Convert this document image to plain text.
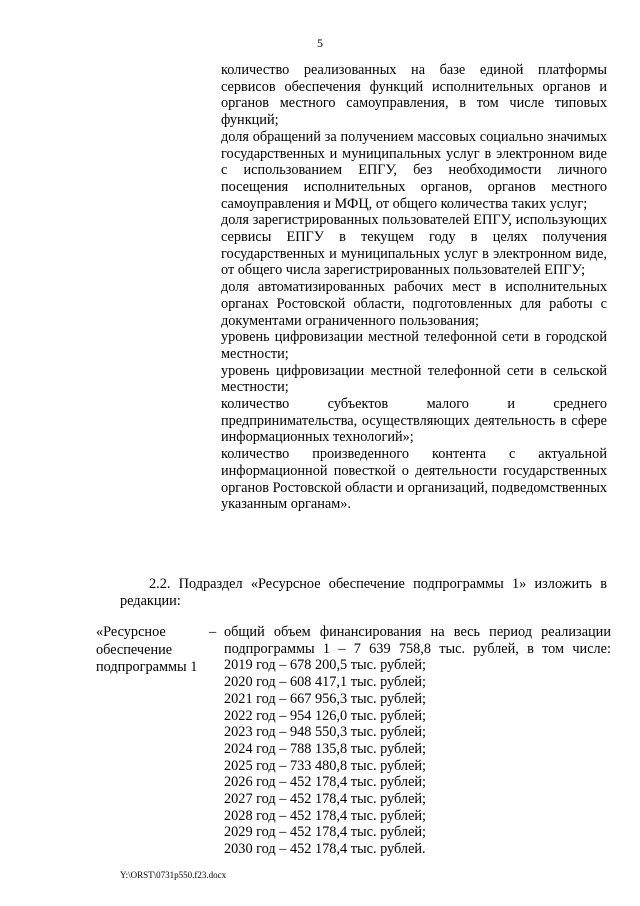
5

количество реализованных на базе единой платформы сервисов обеспечения функций исполнительных органов и органов местного самоуправления, в том числе типовых функций;

доля обращений за получением массовых социально значимых государственных и муниципальных услуг в электронном виде с использованием ЕПГУ, без необходимости личного посещения исполнительных органов, органов местного самоуправления и МФЦ, от общего количества таких услуг;

доля зарегистрированных пользователей ЕПГУ, использующих сервисы ЕПГУ в текущем году в целях получения государственных и муниципальных услуг в электронном виде, от общего числа зарегистрированных пользователей ЕПГУ;

доля автоматизированных рабочих мест в исполнительных органах Ростовской области, подготовленных для работы с документами ограниченного пользования;

уровень цифровизации местной телефонной сети в городской местности;

уровень цифровизации местной телефонной сети в сельской местности;

количество субъектов малого и среднего предпринимательства, осуществляющих деятельность в сфере информационных технологий»;

количество произведенного контента с актуальной информационной повесткой о деятельности государственных органов Ростовской области и организаций, подведомственных указанным органам».

2.2. Подраздел «Ресурсное обеспечение подпрограммы 1» изложить в редакции:

«Ресурсное обеспечение подпрограммы 1
– общий объем финансирования на весь период реализации подпрограммы 1 – 7 639 758,8 тыс. рублей, в том числе:

2019 год – 678 200,5 тыс. рублей;
2020 год – 608 417,1 тыс. рублей;
2021 год – 667 956,3 тыс. рублей;
2022 год – 954 126,0 тыс. рублей;
2023 год – 948 550,3 тыс. рублей;
2024 год – 788 135,8 тыс. рублей;
2025 год – 733 480,8 тыс. рублей;
2026 год – 452 178,4 тыс. рублей;
2027 год – 452 178,4 тыс. рублей;
2028 год – 452 178,4 тыс. рублей;
2029 год – 452 178,4 тыс. рублей;
2030 год – 452 178,4 тыс. рублей.
Y:\ORST\0731p550.f23.docx
